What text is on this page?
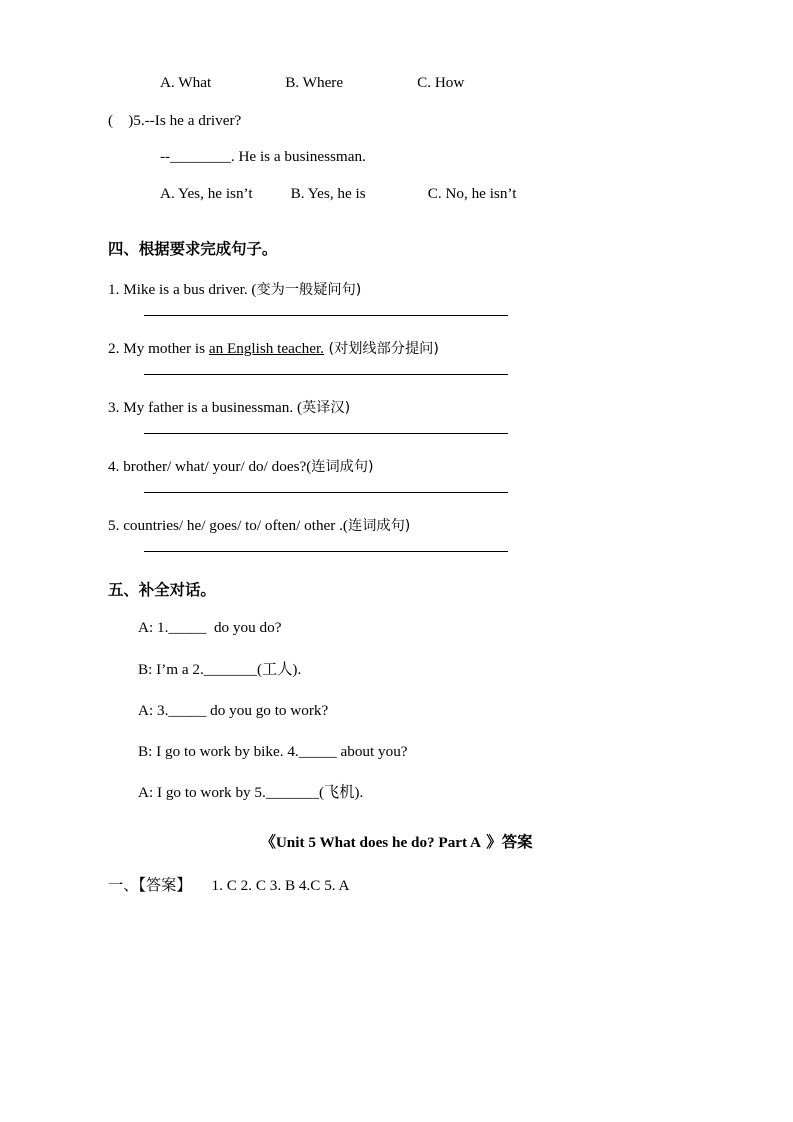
A. What	B. Where	C. How
(    )5.--Is he a driver?
--________. He is a businessman.
A. Yes, he isn’t	B. Yes, he is	C. No, he isn’t
四、根据要求完成句子。
1. Mike is a bus driver. (变为一般疑问句)
2. My mother is an English teacher. (对划线部分提问)
3. My father is a businessman. (英译汉)
4. brother/ what/ your/ do/ does?(连词成句)
5. countries/ he/ goes/ to/ often/ other .(连词成句)
五、补全对话。
A: 1._____  do you do?
B: I’m a 2._______(工人).
A: 3._____ do you go to work?
B: I go to work by bike. 4._____ about you?
A: I go to work by 5._______(飞机).
《Unit 5 What does he do? Part A 》答案
一、【答案】 1. C 2. C 3. B 4.C 5. A
